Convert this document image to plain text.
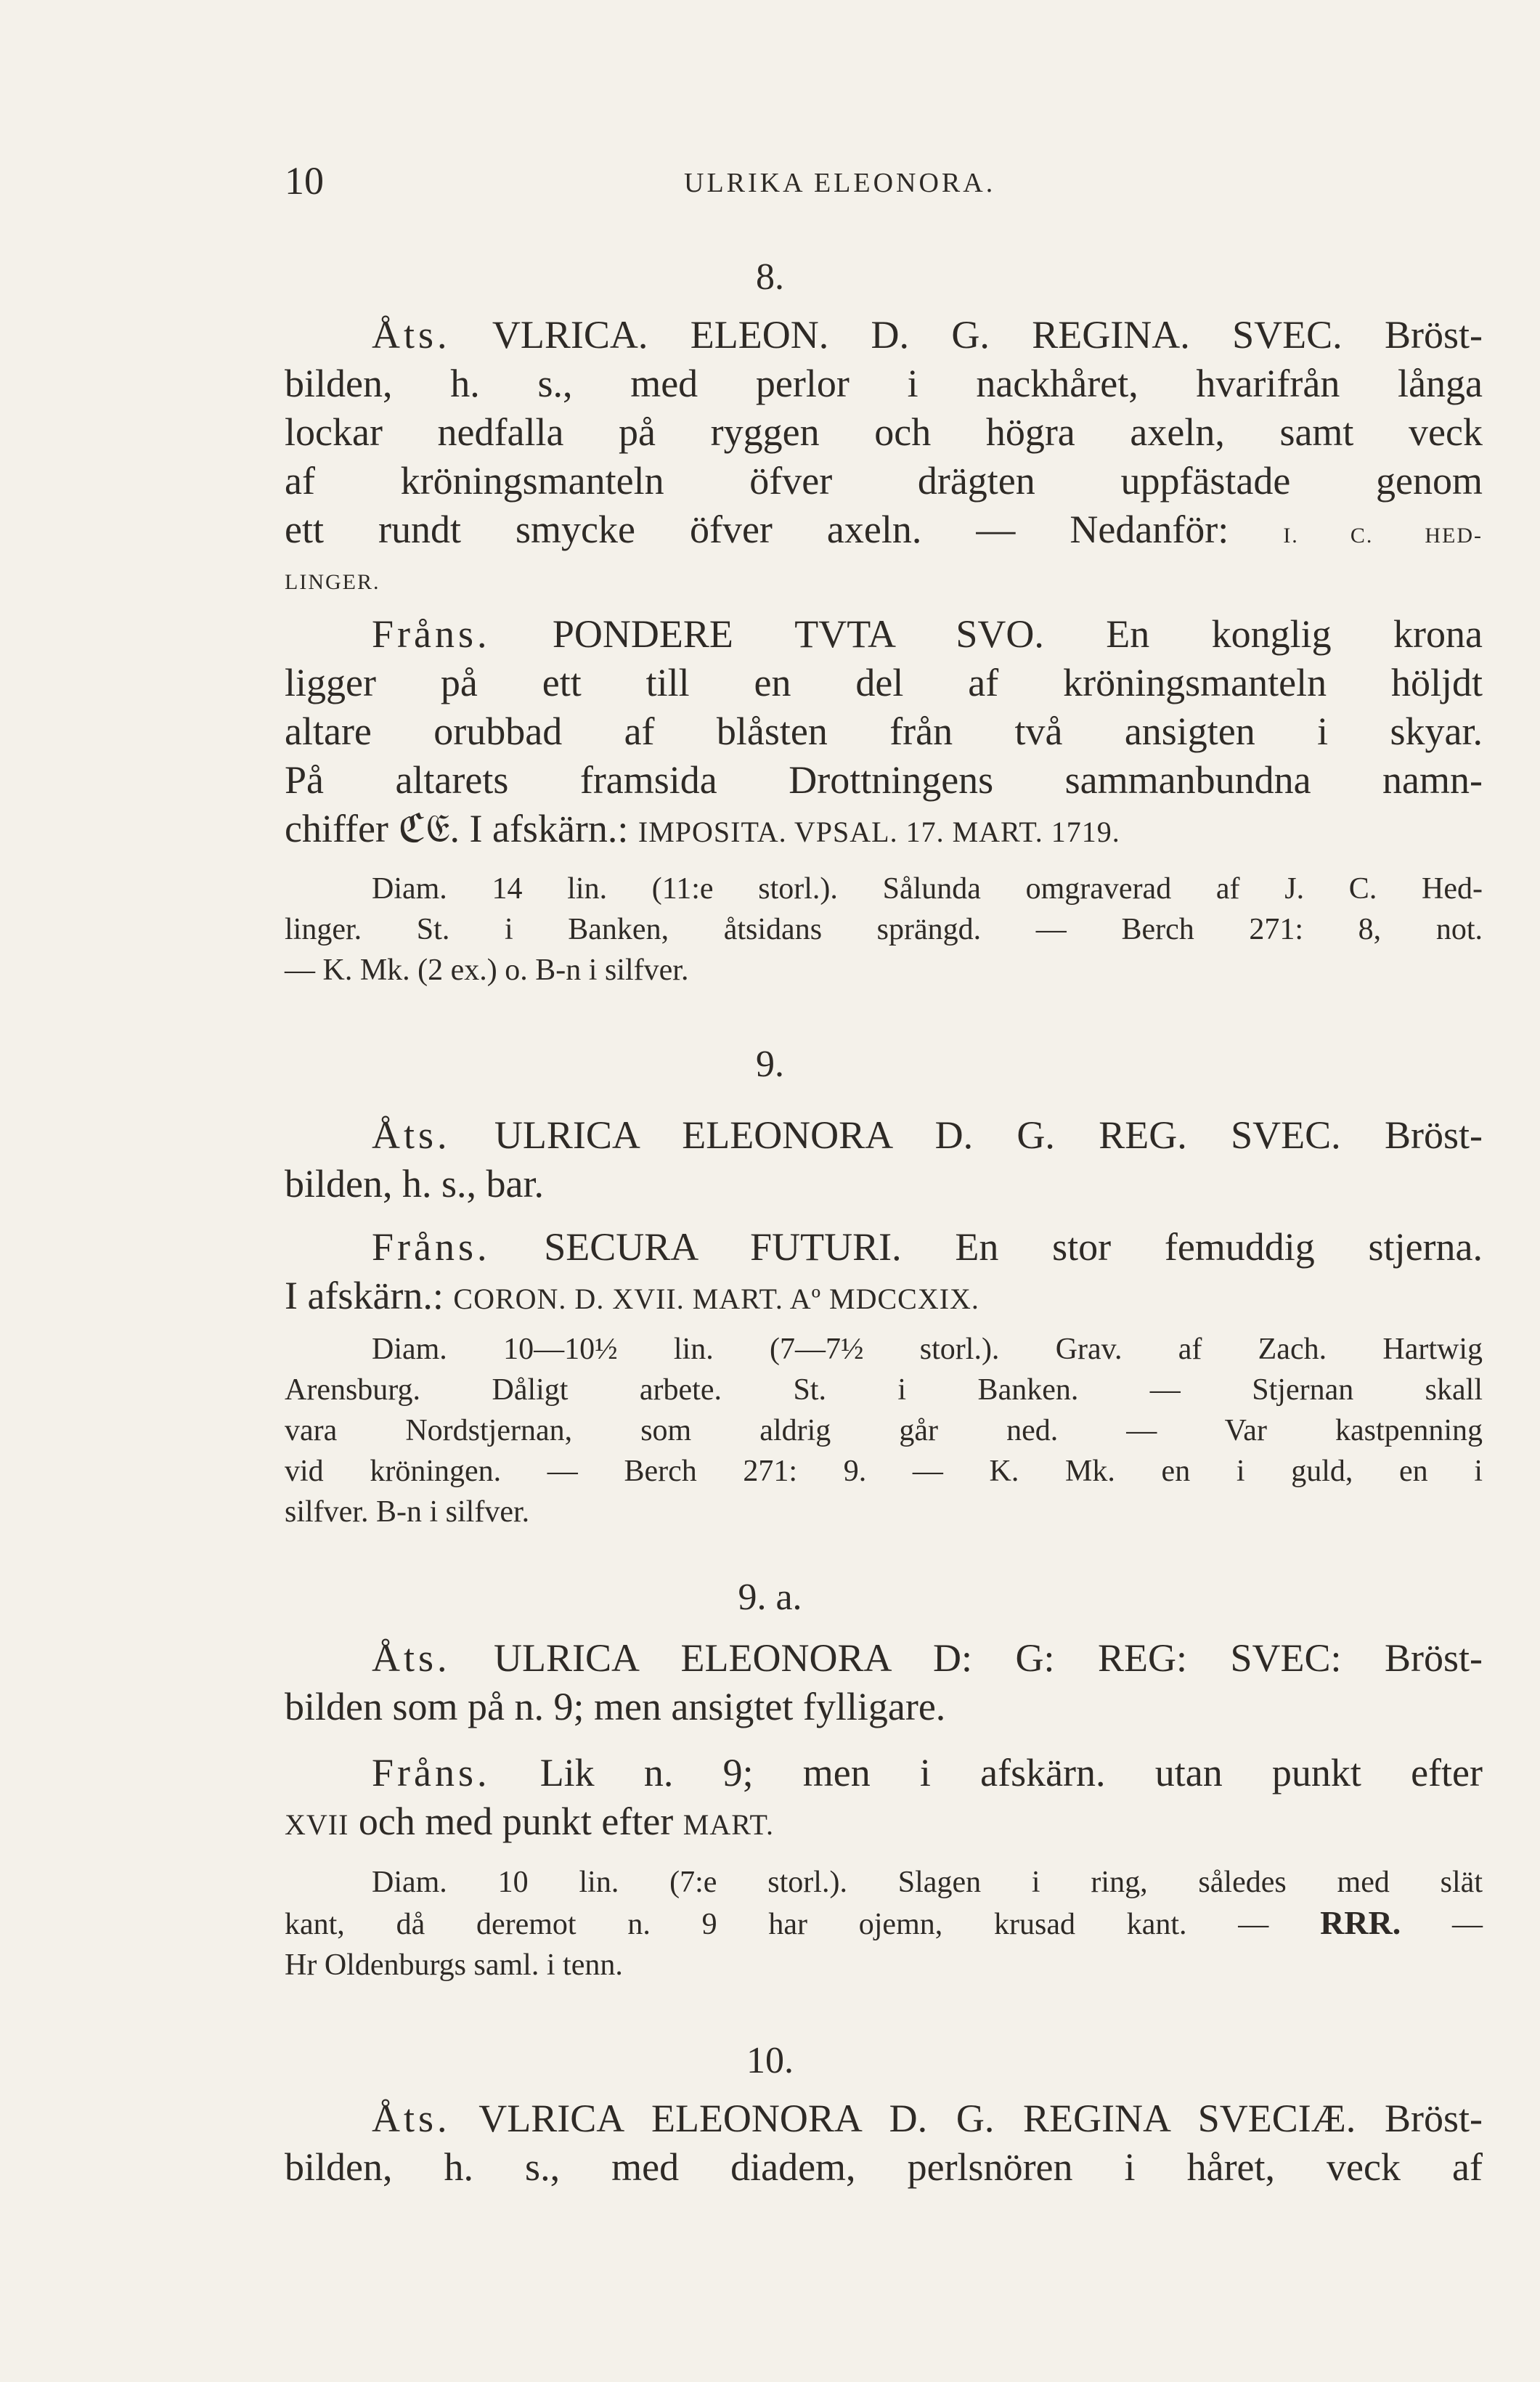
10	ULRIKA ELEONORA.
8.
Åts. VLRICA. ELEON. D. G. REGINA. SVEC. Bröst-
bilden, h. s., med perlor i nackhåret, hvarifrån långa
lockar nedfalla på ryggen och högra axeln, samt veck
af kröningsmanteln öfver drägten uppfästade genom
ett rundt smycke öfver axeln. — Nedanför: I. C. HED-
LINGER.
Fråns. PONDERE TVTA SVO. En konglig krona
ligger på ett till en del af kröningsmanteln höljdt
altare orubbad af blåsten från två ansigten i skyar.
På altarets framsida Drottningens sammanbundna namn-
chiffer ℭ𝔈. I afskärn.: IMPOSITA. VPSAL. 17. MART. 1719.
Diam. 14 lin. (11:e storl.). Sålunda omgraverad af J. C. Hed-
linger. St. i Banken, åtsidans sprängd. — Berch 271: 8, not.
— K. Mk. (2 ex.) o. B-n i silfver.
9.
Åts. ULRICA ELEONORA D. G. REG. SVEC. Bröst-
bilden, h. s., bar.
Fråns. SECURA FUTURI. En stor femuddig stjerna.
I afskärn.: CORON. D. XVII. MART. Aº MDCCXIX.
Diam. 10—10½ lin. (7—7½ storl.). Grav. af Zach. Hartwig
Arensburg. Dåligt arbete. St. i Banken. — Stjernan skall
vara Nordstjernan, som aldrig går ned. — Var kastpenning
vid kröningen. — Berch 271: 9. — K. Mk. en i guld, en i
silfver. B-n i silfver.
9. a.
Åts. ULRICA ELEONORA D: G: REG: SVEC: Bröst-
bilden som på n. 9; men ansigtet fylligare.
Fråns. Lik n. 9; men i afskärn. utan punkt efter
XVII och med punkt efter MART.
Diam. 10 lin. (7:e storl.). Slagen i ring, således med slät
kant, då deremot n. 9 har ojemn, krusad kant. — RRR. —
Hr Oldenburgs saml. i tenn.
10.
Åts. VLRICA ELEONORA D. G. REGINA SVECIÆ. Bröst-
bilden, h. s., med diadem, perlsnören i håret, veck af
